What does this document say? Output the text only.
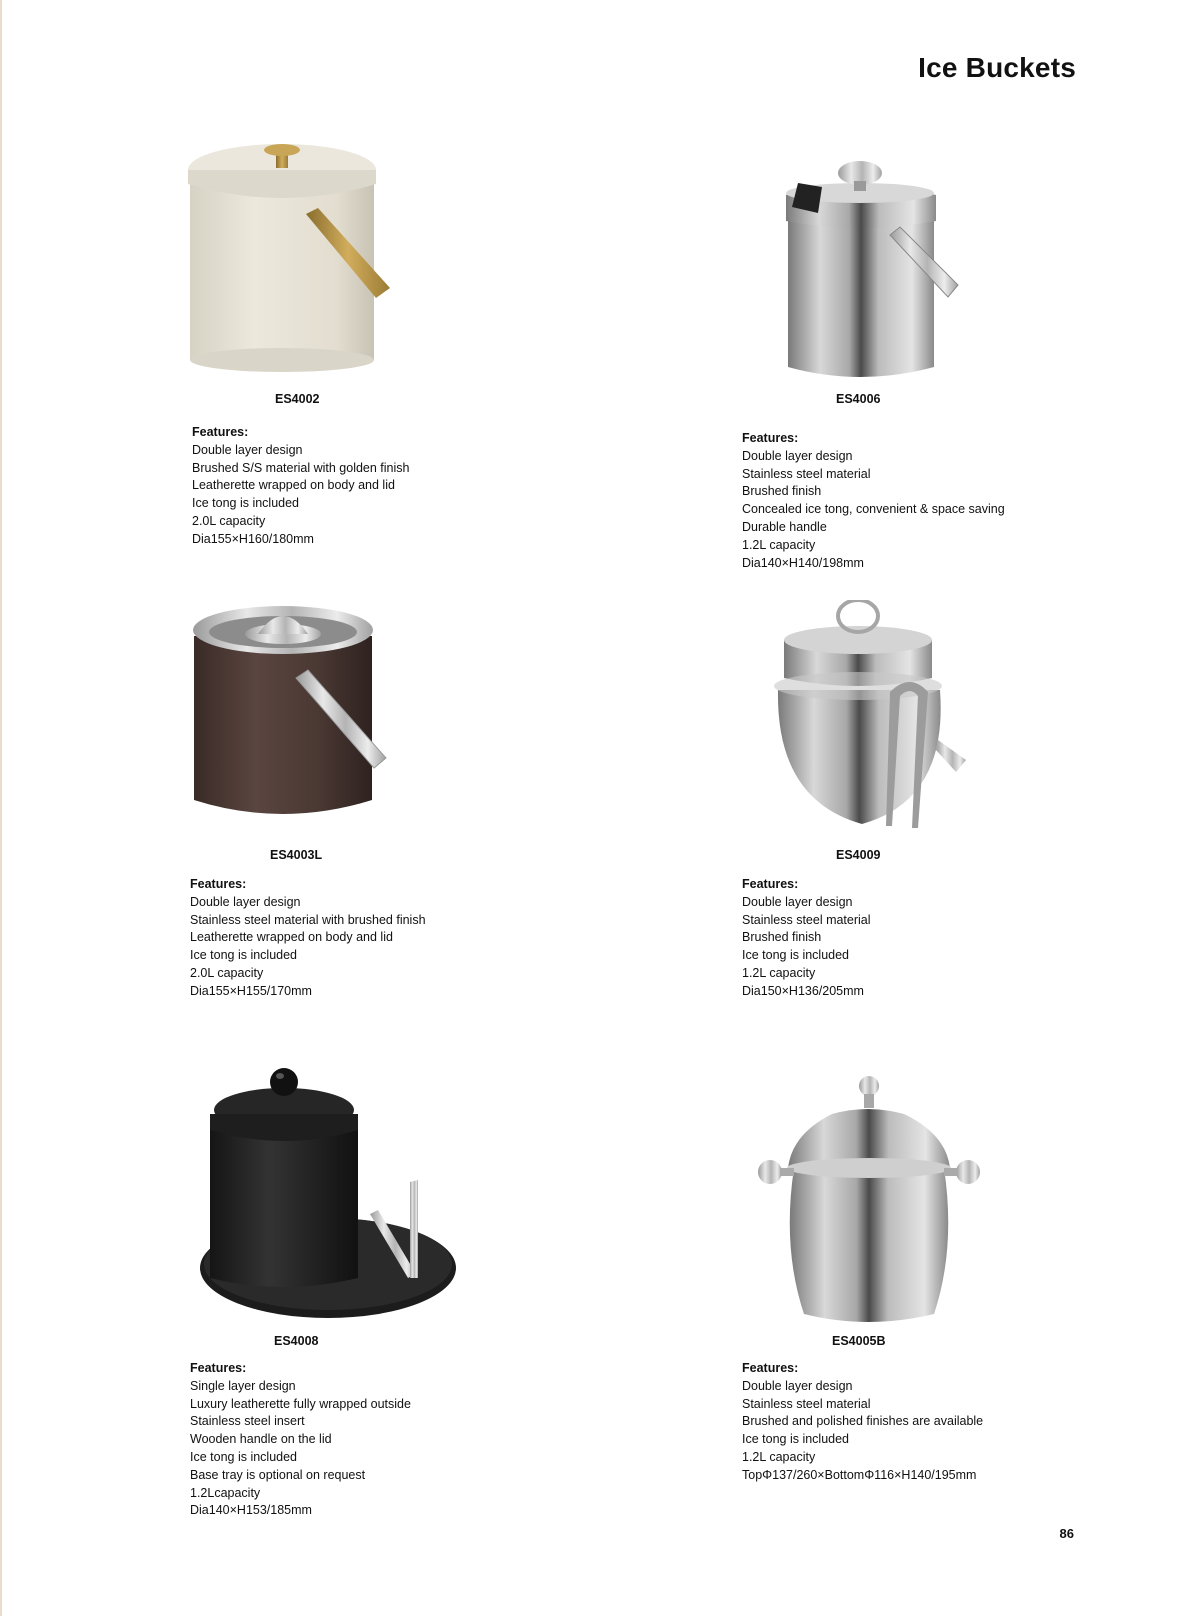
Ice Buckets
ES4002
Features:
Double layer design
Brushed S/S material with golden finish
Leatherette wrapped on body and lid
Ice tong is included
2.0L capacity
Dia155×H160/180mm
ES4006
Features:
Double layer design
Stainless steel material
Brushed finish
Concealed ice tong, convenient & space saving
Durable handle
1.2L capacity
Dia140×H140/198mm
ES4003L
Features:
Double layer design
Stainless steel material with brushed finish
Leatherette wrapped on body and lid
Ice tong is included
2.0L capacity
Dia155×H155/170mm
ES4009
Features:
Double layer design
Stainless steel material
Brushed finish
Ice tong is included
1.2L capacity
Dia150×H136/205mm
ES4008
Features:
Single layer design
Luxury leatherette fully wrapped outside
Stainless steel insert
Wooden handle on the lid
Ice tong is included
Base tray is optional on request
1.2Lcapacity
Dia140×H153/185mm
ES4005B
Features:
Double layer design
Stainless steel material
Brushed and polished finishes are available
Ice tong is included
1.2L capacity
TopΦ137/260×BottomΦ116×H140/195mm
86
